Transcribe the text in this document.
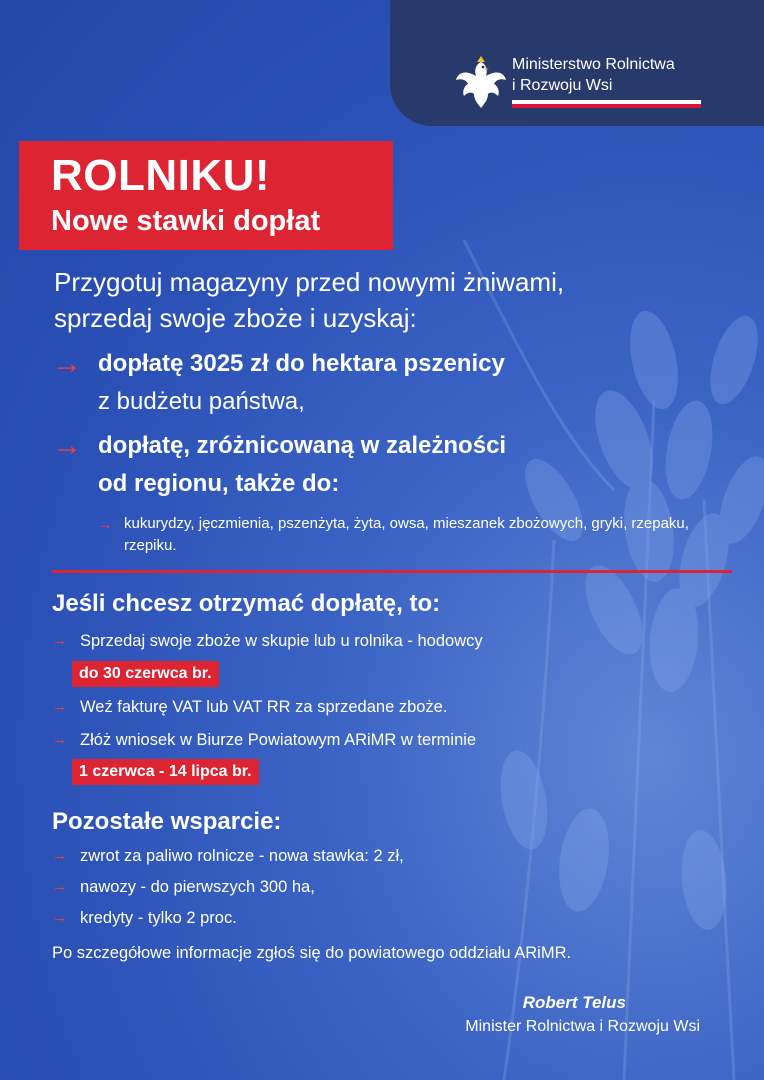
Ministerstwo Rolnictwa
i Rozwoju Wsi
ROLNIKU!
Nowe stawki dopłat
Przygotuj magazyny przed nowymi żniwami,
sprzedaj swoje zboże i uzyskaj:
→ dopłatę 3025 zł do hektara pszenicy
z budżetu państwa,
→ dopłatę, zróżnicowaną w zależności
od regionu, także do:
→ kukurydzy, jęczmienia, pszenżyta, żyta, owsa, mieszanek zbożowych, gryki, rzepaku, rzepiku.
Jeśli chcesz otrzymać dopłatę, to:
→ Sprzedaj swoje zboże w skupie lub u rolnika - hodowcy
do 30 czerwca br.
→ Weź fakturę VAT lub VAT RR za sprzedane zboże.
→ Złóż wniosek w Biurze Powiatowym ARiMR w terminie
1 czerwca - 14 lipca br.
Pozostałe wsparcie:
→ zwrot za paliwo rolnicze - nowa stawka: 2 zł,
→ nawozy - do pierwszych 300 ha,
→ kredyty - tylko 2 proc.
Po szczegółowe informacje zgłoś się do powiatowego oddziału ARiMR.
Robert Telus
Minister Rolnictwa i Rozwoju Wsi
